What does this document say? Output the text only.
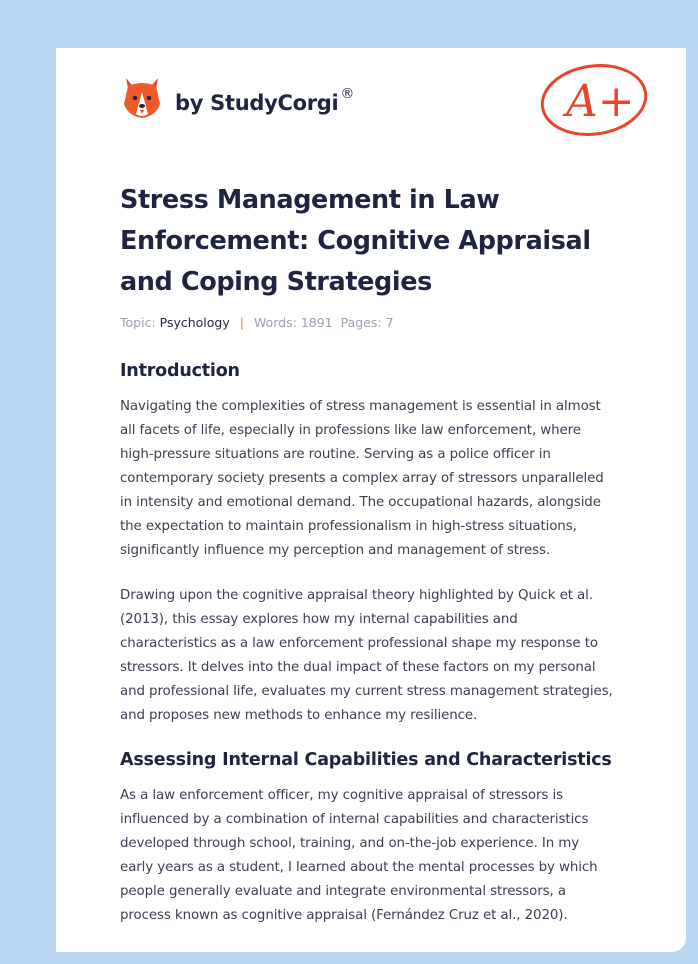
by StudyCorgi ®	A+
Stress Management in Law Enforcement: Cognitive Appraisal and Coping Strategies
Topic: Psychology | Words: 1891 Pages: 7
Introduction

Navigating the complexities of stress management is essential in almost
all facets of life, especially in professions like law enforcement, where
high-pressure situations are routine. Serving as a police officer in
contemporary society presents a complex array of stressors unparalleled
in intensity and emotional demand. The occupational hazards, alongside
the expectation to maintain professionalism in high-stress situations,
significantly influence my perception and management of stress.

Drawing upon the cognitive appraisal theory highlighted by Quick et al.
(2013), this essay explores how my internal capabilities and
characteristics as a law enforcement professional shape my response to
stressors. It delves into the dual impact of these factors on my personal
and professional life, evaluates my current stress management strategies,
and proposes new methods to enhance my resilience.

Assessing Internal Capabilities and Characteristics

As a law enforcement officer, my cognitive appraisal of stressors is
influenced by a combination of internal capabilities and characteristics
developed through school, training, and on-the-job experience. In my
early years as a student, I learned about the mental processes by which
people generally evaluate and integrate environmental stressors, a
process known as cognitive appraisal (Fernández Cruz et al., 2020).
